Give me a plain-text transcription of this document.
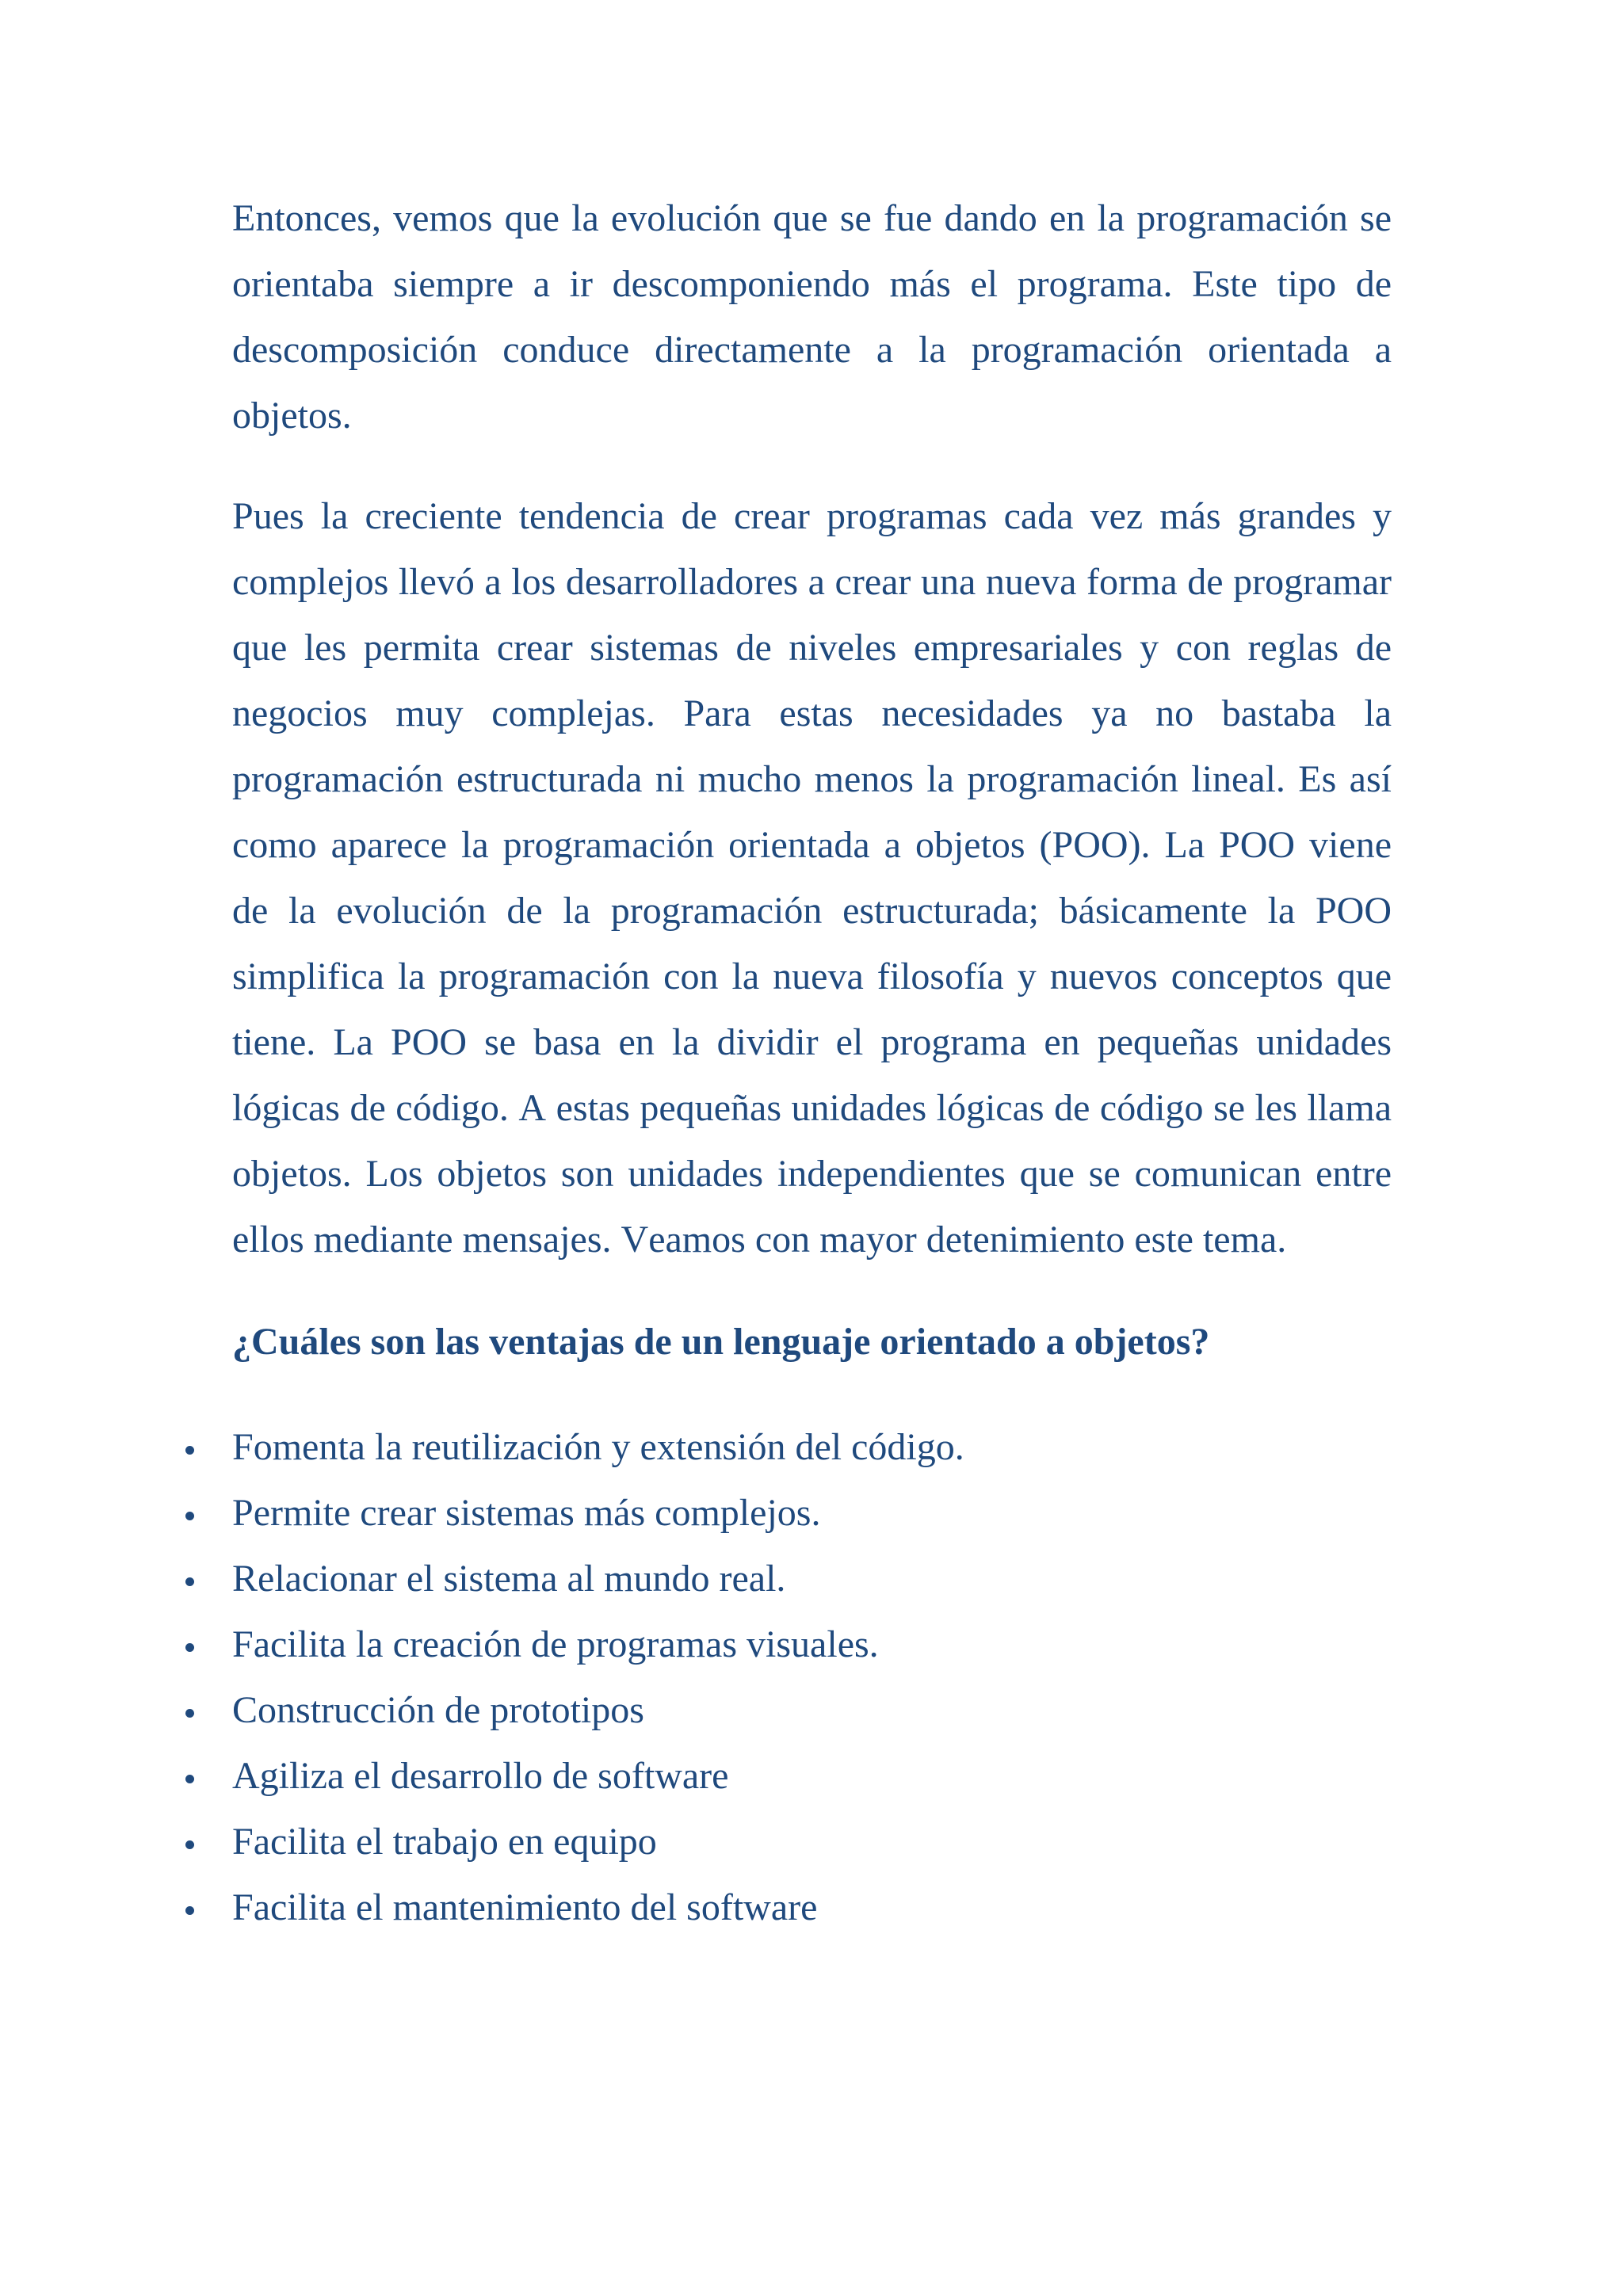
Entonces, vemos que la evolución que se fue dando en la programación se
orientaba siempre a ir descomponiendo más el programa. Este tipo de
descomposición conduce directamente a la programación orientada a
objetos.
Pues la creciente tendencia de crear programas cada vez más grandes y
complejos llevó a los desarrolladores a crear una nueva forma de programar
que les permita crear sistemas de niveles empresariales y con reglas de
negocios muy complejas. Para estas necesidades ya no bastaba la
programación estructurada ni mucho menos la programación lineal. Es así
como aparece la programación orientada a objetos (POO). La POO viene
de la evolución de la programación estructurada; básicamente la POO
simplifica la programación con la nueva filosofía y nuevos conceptos que
tiene. La POO se basa en la dividir el programa en pequeñas unidades
lógicas de código. A estas pequeñas unidades lógicas de código se les llama
objetos. Los objetos son unidades independientes que se comunican entre
ellos mediante mensajes. Veamos con mayor detenimiento este tema.
¿Cuáles son las ventajas de un lenguaje orientado a objetos?
Fomenta la reutilización y extensión del código.
Permite crear sistemas más complejos.
Relacionar el sistema al mundo real.
Facilita la creación de programas visuales.
Construcción de prototipos
Agiliza el desarrollo de software
Facilita el trabajo en equipo
Facilita el mantenimiento del software
